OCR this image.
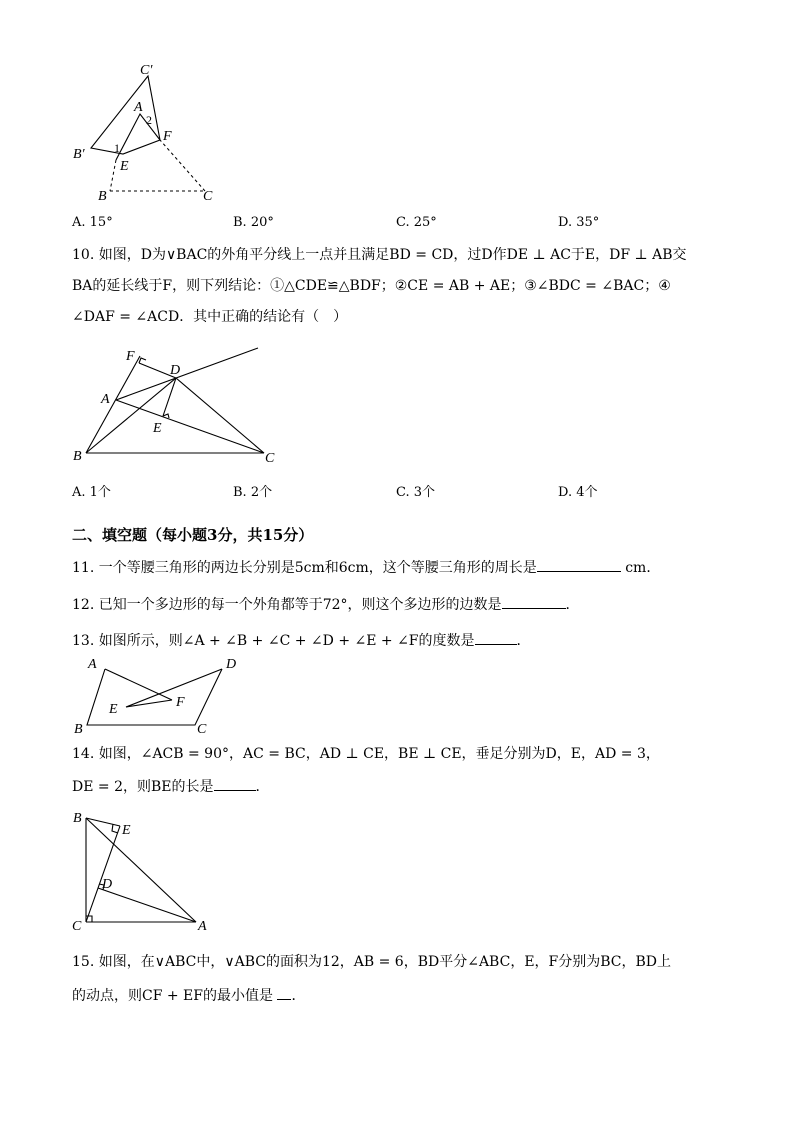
C′
A
2
F
B′ 1
E
B	C
A. 15°	B. 20°	C. 25°	D. 35°
10. 如图，D为∨BAC的外角平分线上一点并且满足BD = CD，过D作DE ⊥ AC于E，DF ⊥ AB交
BA的延长线于F，则下列结论：①△CDE≌△BDF；②CE = AB + AE；③∠BDC = ∠BAC；④
∠DAF = ∠ACD．其中正确的结论有（　）
F
D
A
E
B	C
A. 1个	B. 2个	C. 3个	D. 4个
二、填空题（每小题3分，共15分）
11. 一个等腰三角形的两边长分别是5cm和6cm，这个等腰三角形的周长是	cm．
12. 已知一个多边形的每一个外角都等于72°，则这个多边形的边数是	．
13. 如图所示，则∠A + ∠B + ∠C + ∠D + ∠E + ∠F的度数是	．
A	D
E	F
B	C
14. 如图，∠ACB = 90°，AC = BC，AD ⊥ CE，BE ⊥ CE，垂足分别为D，E，AD = 3，
DE = 2，则BE的长是	．
B
E
D
C	A
15. 如图，在∨ABC中，∨ABC的面积为12，AB = 6，BD平分∠ABC，E，F分别为BC，BD上
的动点，则CF + EF的最小值是 ．
